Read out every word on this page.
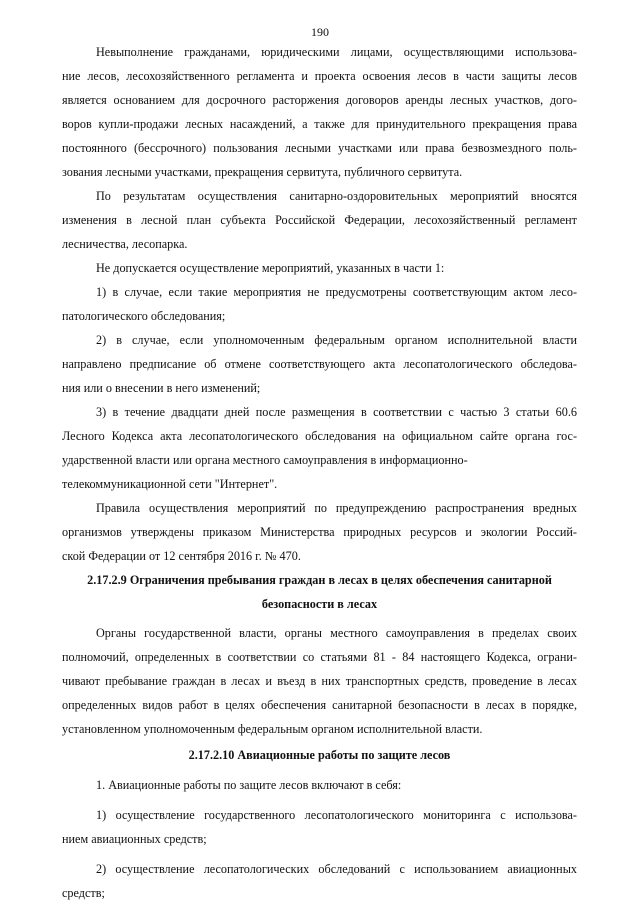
190
Невыполнение гражданами, юридическими лицами, осуществляющими использова-
ние лесов, лесохозяйственного регламента и проекта освоения лесов в части защиты лесов
является основанием для досрочного расторжения договоров аренды лесных участков, дого-
воров купли-продажи лесных насаждений, а также для принудительного прекращения права
постоянного (бессрочного) пользования лесными участками или права безвозмездного поль-
зования лесными участками, прекращения сервитута, публичного сервитута.
По результатам осуществления санитарно-оздоровительных мероприятий вносятся
изменения в лесной план субъекта Российской Федерации, лесохозяйственный регламент
лесничества, лесопарка.
Не допускается осуществление мероприятий, указанных в части 1:
1) в случае, если такие мероприятия не предусмотрены соответствующим актом лесо-
патологического обследования;
2) в случае, если уполномоченным федеральным органом исполнительной власти
направлено предписание об отмене соответствующего акта лесопатологического обследова-
ния или о внесении в него изменений;
3) в течение двадцати дней после размещения в соответствии с частью 3 статьи 60.6
Лесного Кодекса акта лесопатологического обследования на официальном сайте органа гос-
ударственной власти или органа местного самоуправления в информационно-
телекоммуникационной сети "Интернет".
Правила осуществления мероприятий по предупреждению распространения вредных
организмов утверждены приказом Министерства природных ресурсов и экологии Россий-
ской Федерации от 12 сентября 2016 г. № 470.
2.17.2.9 Ограничения пребывания граждан в лесах в целях обеспечения санитарной
безопасности в лесах
Органы государственной власти, органы местного самоуправления в пределах своих
полномочий, определенных в соответствии со статьями 81 - 84 настоящего Кодекса, ограни-
чивают пребывание граждан в лесах и въезд в них транспортных средств, проведение в лесах
определенных видов работ в целях обеспечения санитарной безопасности в лесах в порядке,
установленном уполномоченным федеральным органом исполнительной власти.
2.17.2.10 Авиационные работы по защите лесов
1. Авиационные работы по защите лесов включают в себя:
1) осуществление государственного лесопатологического мониторинга с использова-
нием авиационных средств;
2) осуществление лесопатологических обследований с использованием авиационных
средств;
